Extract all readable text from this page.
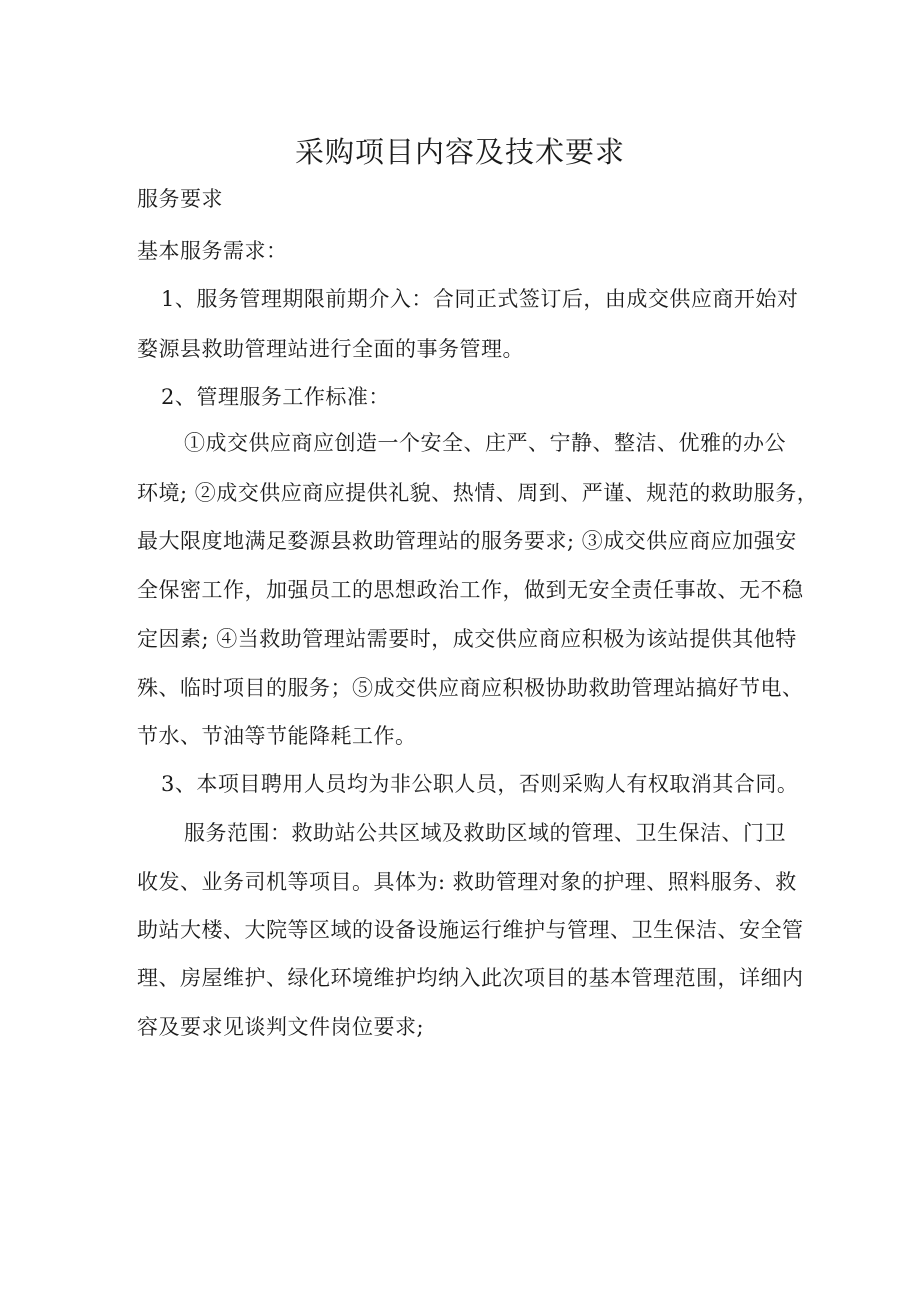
采购项目内容及技术要求
服务要求
基本服务需求：
1、服务管理期限前期介入：合同正式签订后，由成交供应商开始对
婺源县救助管理站进行全面的事务管理。
2、管理服务工作标准：
①成交供应商应创造一个安全、庄严、宁静、整洁、优雅的办公
环境; ②成交供应商应提供礼貌、热情、周到、严谨、规范的救助服务，
最大限度地满足婺源县救助管理站的服务要求; ③成交供应商应加强安
全保密工作，加强员工的思想政治工作，做到无安全责任事故、无不稳
定因素; ④当救助管理站需要时，成交供应商应积极为该站提供其他特
殊、临时项目的服务；⑤成交供应商应积极协助救助管理站搞好节电、
节水、节油等节能降耗工作。
3、本项目聘用人员均为非公职人员，否则采购人有权取消其合同。
服务范围：救助站公共区域及救助区域的管理、卫生保洁、门卫
收发、业务司机等项目。具体为: 救助管理对象的护理、照料服务、救
助站大楼、大院等区域的设备设施运行维护与管理、卫生保洁、安全管
理、房屋维护、绿化环境维护均纳入此次项目的基本管理范围，详细内
容及要求见谈判文件岗位要求;
